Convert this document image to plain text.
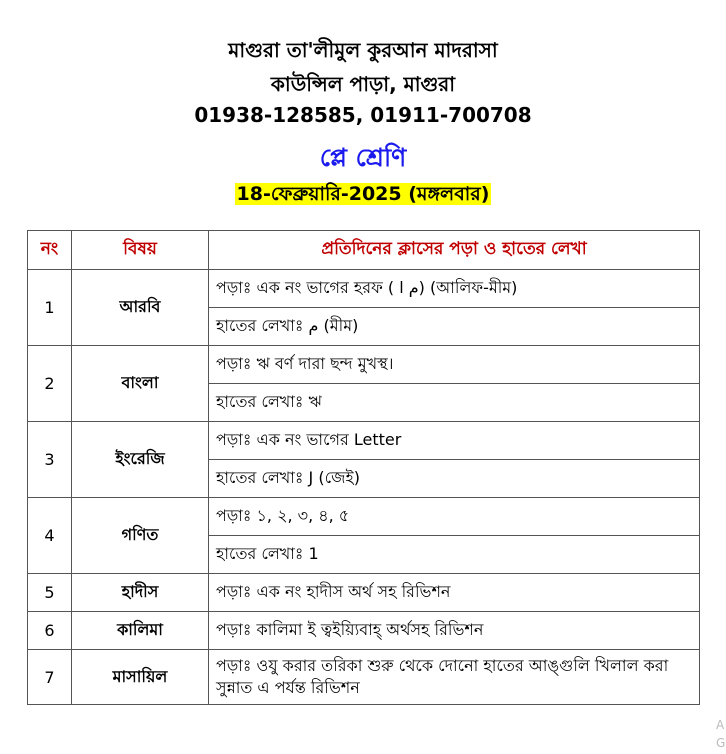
মাগুরা তা'লীমুল কুরআন মাদরাসা
কাউন্সিল পাড়া, মাগুরা
01938-128585, 01911-700708
প্লে শ্রেণি
18-ফেব্রুয়ারি-2025 (মঙ্গলবার)
নং	বিষয়	প্রতিদিনের ক্লাসের পড়া ও হাতের লেখা
1	আরবি	পড়াঃ এক নং ভাগের হরফ ( م ا) (আলিফ-মীম)
		হাতের লেখাঃ م (মীম)
2	বাংলা	পড়াঃ ঋ বর্ণ দারা ছন্দ মুখস্থ।
		হাতের লেখাঃ ঋ
3	ইংরেজি	পড়াঃ এক নং ভাগের Letter
		হাতের লেখাঃ J (জেই)
4	গণিত	পড়াঃ ১, ২, ৩, ৪, ৫
		হাতের লেখাঃ 1
5	হাদীস	পড়াঃ এক নং হাদীস অর্থ সহ রিভিশন
6	কালিমা	পড়াঃ কালিমা ই ত্বইয়্যিবাহ্ অর্থসহ রিভিশন
7	মাসায়িল	পড়াঃ ওযু করার তরিকা শুরু থেকে দোনো হাতের আঙ্গুলি খিলাল করা সুন্নাত এ পর্যন্ত রিভিশন
A
G
